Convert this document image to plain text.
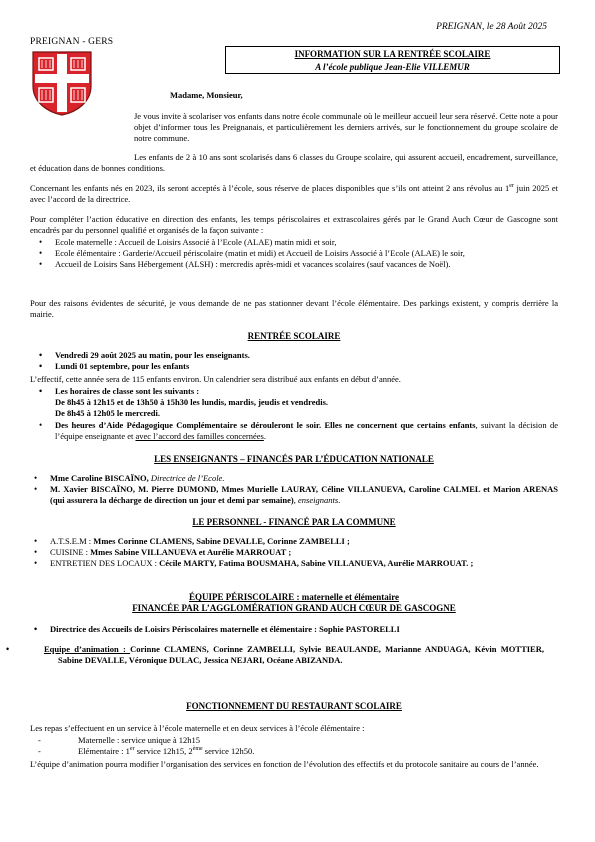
PREIGNAN, le 28 Août 2025
PREIGNAN - GERS
INFORMATION SUR LA RENTRÉE SCOLAIRE
A l’école publique Jean-Elie VILLEMUR
Madame, Monsieur,
Je vous invite à scolariser vos enfants dans notre école communale où le meilleur accueil leur sera réservé. Cette note a pour objet d’informer tous les Preignanais, et particulièrement les derniers arrivés, sur le fonctionnement du groupe scolaire de notre commune.
Les enfants de 2 à 10 ans sont scolarisés dans 6 classes du Groupe scolaire, qui assurent accueil, encadrement, surveillance, et éducation dans de bonnes conditions.
Concernant les enfants nés en 2023, ils seront acceptés à l’école, sous réserve de places disponibles que s’ils ont atteint 2 ans révolus au 1er juin 2025 et avec l’accord de la directrice.
Pour compléter l’action éducative en direction des enfants, les temps périscolaires et extrascolaires gérés par le Grand Auch Cœur de Gascogne sont encadrés par du personnel qualifié et organisés de la façon suivante :
• Ecole maternelle : Accueil de Loisirs Associé à l’Ecole (ALAE) matin midi et soir,
• Ecole élémentaire : Garderie/Accueil périscolaire (matin et midi) et Accueil de Loisirs Associé à l’Ecole (ALAE) le soir,
• Accueil de Loisirs Sans Hébergement (ALSH) : mercredis après-midi et vacances scolaires (sauf vacances de Noël).
Pour des raisons évidentes de sécurité, je vous demande de ne pas stationner devant l’école élémentaire. Des parkings existent, y compris derrière la mairie.
RENTRÉE SCOLAIRE
• Vendredi 29 août 2025 au matin, pour les enseignants.
• Lundi 01 septembre, pour les enfants
L’effectif, cette année sera de 115 enfants environ. Un calendrier sera distribué aux enfants en début d’année.
• Les horaires de classe sont les suivants :
De 8h45 à 12h15 et de 13h50 à 15h30 les lundis, mardis, jeudis et vendredis.
De 8h45 à 12h05 le mercredi.
• Des heures d’Aide Pédagogique Complémentaire se dérouleront le soir. Elles ne concernent que certains enfants, suivant la décision de l’équipe enseignante et avec l’accord des familles concernées.
LES ENSEIGNANTS – FINANCÉS PAR L’ÉDUCATION NATIONALE
• Mme Caroline BISCAÏNO, Directrice de l’Ecole.
• M. Xavier BISCAÏNO, M. Pierre DUMOND, Mmes Murielle LAURAY, Céline VILLANUEVA, Caroline CALMEL et Marion ARENAS (qui assurera la décharge de direction un jour et demi par semaine), enseignants.
LE PERSONNEL - FINANCÉ PAR LA COMMUNE
• A.T.S.E.M : Mmes Corinne CLAMENS, Sabine DEVALLE, Corinne ZAMBELLI ;
• CUISINE : Mmes Sabine VILLANUEVA et Aurélie MARROUAT ;
• ENTRETIEN DES LOCAUX : Cécile MARTY, Fatima BOUSMAHA, Sabine VILLANUEVA, Aurélie MARROUAT. ;
ÉQUIPE PÉRISCOLAIRE : maternelle et élémentaire
FINANCÉE PAR L’AGGLOMÉRATION GRAND AUCH CŒUR DE GASCOGNE
• Directrice des Accueils de Loisirs Périscolaires maternelle et élémentaire : Sophie PASTORELLI
• Equipe d’animation : Corinne CLAMENS, Corinne ZAMBELLI, Sylvie BEAULANDE, Marianne ANDUAGA, Kévin MOTTIER, Sabine DEVALLE, Véronique DULAC, Jessica NEJARI, Océane ABIZANDA.
FONCTIONNEMENT DU RESTAURANT SCOLAIRE
Les repas s’effectuent en un service à l’école maternelle et en deux services à l’école élémentaire :
- Maternelle : service unique à 12h15
- Elémentaire : 1er service 12h15, 2ème service 12h50.
L’équipe d’animation pourra modifier l’organisation des services en fonction de l’évolution des effectifs et du protocole sanitaire au cours de l’année.
